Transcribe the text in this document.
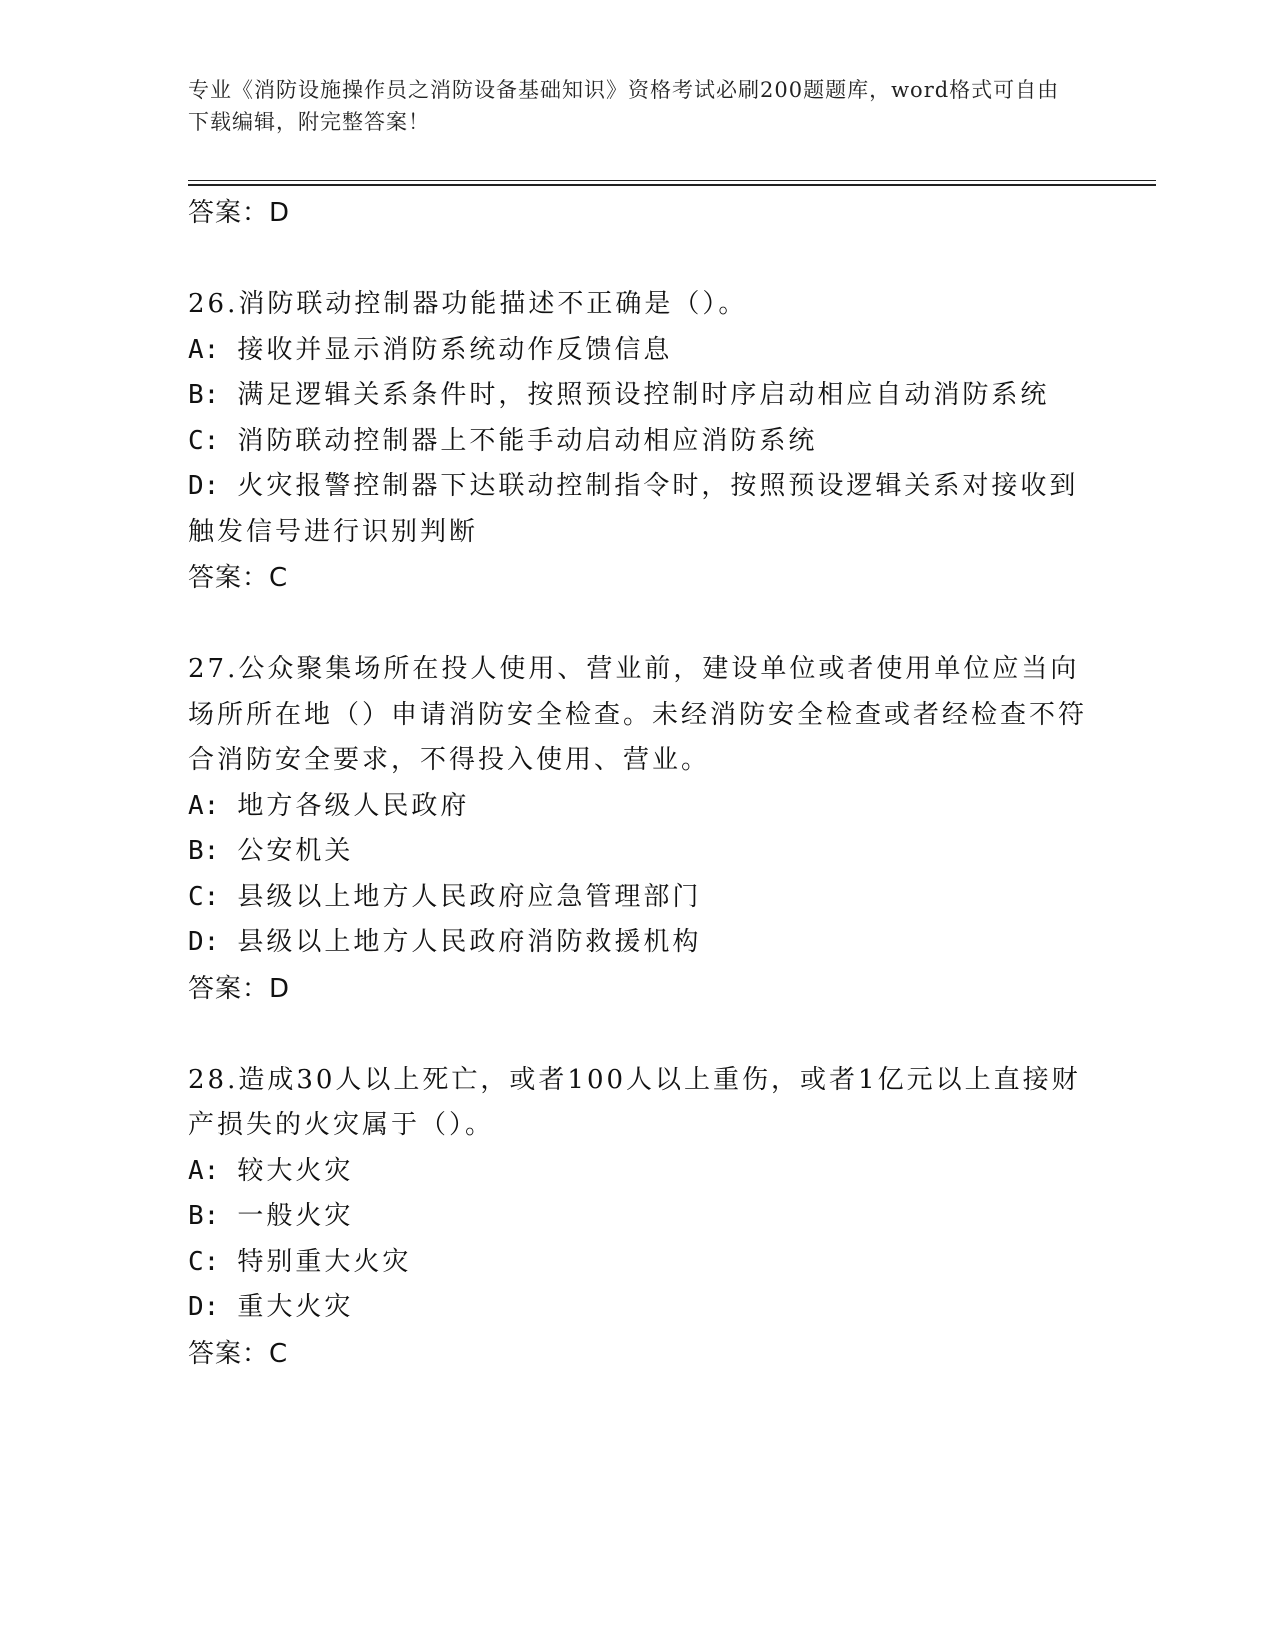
专业《消防设施操作员之消防设备基础知识》资格考试必刷200题题库，word格式可自由下载编辑，附完整答案！
答案：D
26.消防联动控制器功能描述不正确是（）。
A: 接收并显示消防系统动作反馈信息
B: 满足逻辑关系条件时，按照预设控制时序启动相应自动消防系统
C: 消防联动控制器上不能手动启动相应消防系统
D: 火灾报警控制器下达联动控制指令时，按照预设逻辑关系对接收到触发信号进行识别判断
答案：C
27.公众聚集场所在投人使用、营业前，建设单位或者使用单位应当向场所所在地（）申请消防安全检查。未经消防安全检查或者经检查不符合消防安全要求，不得投入使用、营业。
A: 地方各级人民政府
B: 公安机关
C: 县级以上地方人民政府应急管理部门
D: 县级以上地方人民政府消防救援机构
答案：D
28.造成30人以上死亡，或者100人以上重伤，或者1亿元以上直接财产损失的火灾属于（）。
A: 较大火灾
B: 一般火灾
C: 特别重大火灾
D: 重大火灾
答案：C
